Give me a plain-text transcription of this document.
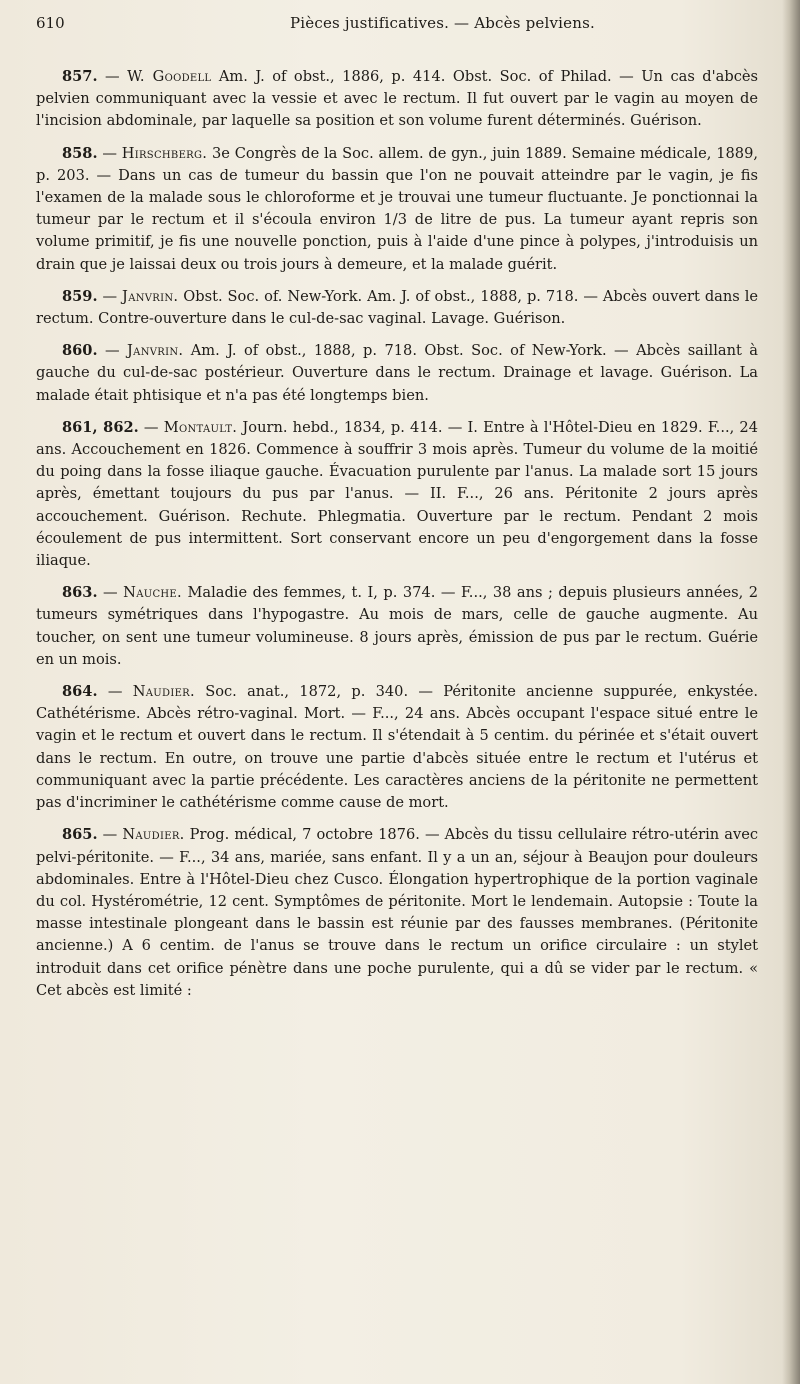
610	Pièces justificatives. — Abcès pelviens.

857. — W. Goodell Am. J. of obst., 1886, p. 414. Obst. Soc. of Philad. — Un cas d'abcès pelvien communiquant avec la vessie et avec le rectum. Il fut ouvert par le vagin au moyen de l'incision abdominale, par laquelle sa position et son volume furent déterminés. Guérison.

858. — Hirschberg. 3e Congrès de la Soc. allem. de gyn., juin 1889. Semaine médicale, 1889, p. 203. — Dans un cas de tumeur du bassin que l'on ne pouvait atteindre par le vagin, je fis l'examen de la malade sous le chloroforme et je trouvai une tumeur fluctuante. Je ponctionnai la tumeur par le rectum et il s'écoula environ 1/3 de litre de pus. La tumeur ayant repris son volume primitif, je fis une nouvelle ponction, puis à l'aide d'une pince à polypes, j'introduisis un drain que je laissai deux ou trois jours à demeure, et la malade guérit.

859. — Janvrin. Obst. Soc. of. New-York. Am. J. of obst., 1888, p. 718. — Abcès ouvert dans le rectum. Contre-ouverture dans le cul-de-sac vaginal. Lavage. Guérison.

860. — Janvrin. Am. J. of obst., 1888, p. 718. Obst. Soc. of New-York. — Abcès saillant à gauche du cul-de-sac postérieur. Ouverture dans le rectum. Drainage et lavage. Guérison. La malade était phtisique et n'a pas été longtemps bien.

861, 862. — Montault. Journ. hebd., 1834, p. 414. — I. Entre à l'Hôtel-Dieu en 1829. F..., 24 ans. Accouchement en 1826. Commence à souffrir 3 mois après. Tumeur du volume de la moitié du poing dans la fosse iliaque gauche. Évacuation purulente par l'anus. La malade sort 15 jours après, émettant toujours du pus par l'anus. — II. F..., 26 ans. Péritonite 2 jours après accouchement. Guérison. Rechute. Phlegmatia. Ouverture par le rectum. Pendant 2 mois écoulement de pus intermittent. Sort conservant encore un peu d'engorgement dans la fosse iliaque.

863. — Nauche. Maladie des femmes, t. I, p. 374. — F..., 38 ans ; depuis plusieurs années, 2 tumeurs symétriques dans l'hypogastre. Au mois de mars, celle de gauche augmente. Au toucher, on sent une tumeur volumineuse. 8 jours après, émission de pus par le rectum. Guérie en un mois.

864. — Naudier. Soc. anat., 1872, p. 340. — Péritonite ancienne suppurée, enkystée. Cathétérisme. Abcès rétro-vaginal. Mort. — F..., 24 ans. Abcès occupant l'espace situé entre le vagin et le rectum et ouvert dans le rectum. Il s'étendait à 5 centim. du périnée et s'était ouvert dans le rectum. En outre, on trouve une partie d'abcès située entre le rectum et l'utérus et communiquant avec la partie précédente. Les caractères anciens de la péritonite ne permettent pas d'incriminer le cathétérisme comme cause de mort.

865. — Naudier. Prog. médical, 7 octobre 1876. — Abcès du tissu cellulaire rétro-utérin avec pelvi-péritonite. — F..., 34 ans, mariée, sans enfant. Il y a un an, séjour à Beaujon pour douleurs abdominales. Entre à l'Hôtel-Dieu chez Cusco. Élongation hypertrophique de la portion vaginale du col. Hystérométrie, 12 cent. Symptômes de péritonite. Mort le lendemain. Autopsie : Toute la masse intestinale plongeant dans le bassin est réunie par des fausses membranes. (Péritonite ancienne.) A 6 centim. de l'anus se trouve dans le rectum un orifice circulaire : un stylet introduit dans cet orifice pénètre dans une poche purulente, qui a dû se vider par le rectum. « Cet abcès est limité :
